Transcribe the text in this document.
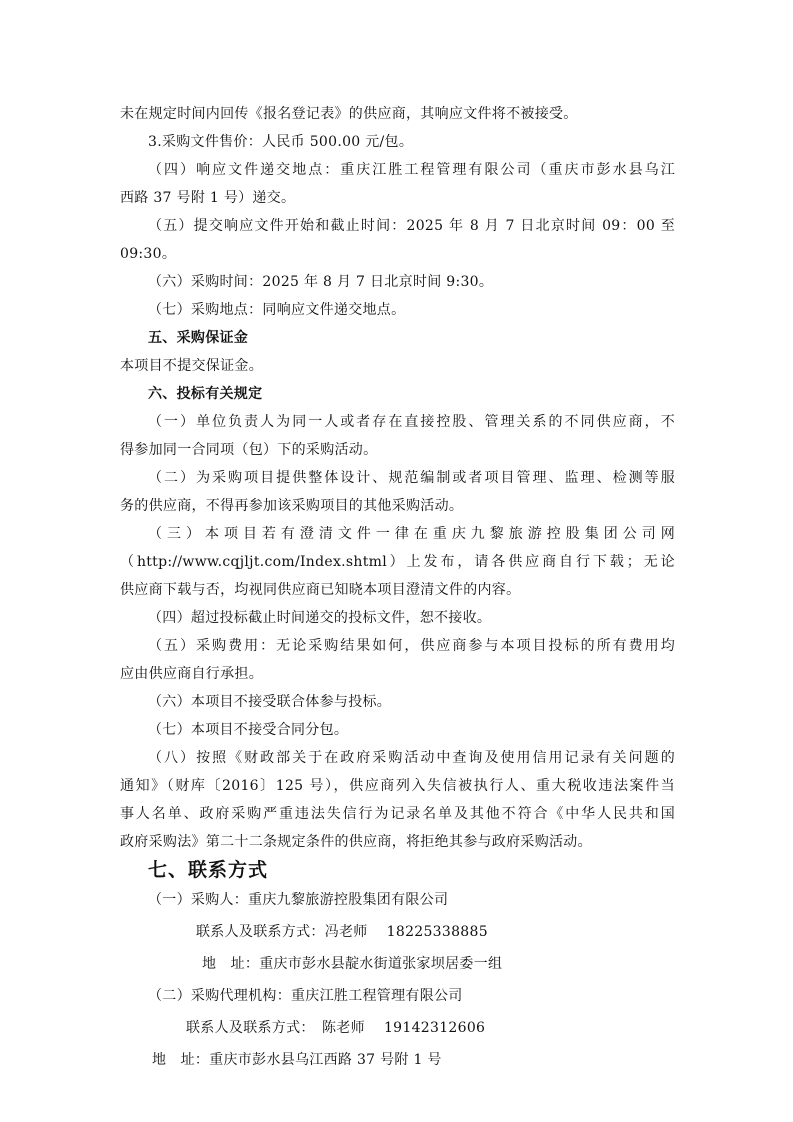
未在规定时间内回传《报名登记表》的供应商，其响应文件将不被接受。
3.采购文件售价：人民币 500.00 元/包。
（四）响应文件递交地点：重庆江胜工程管理有限公司（重庆市彭水县乌江
西路 37 号附 1 号）递交。
（五）提交响应文件开始和截止时间：2025 年 8 月 7 日北京时间 09：00 至
09:30。
（六）采购时间：2025 年 8 月 7 日北京时间 9:30。
（七）采购地点：同响应文件递交地点。
五、采购保证金
本项目不提交保证金。
六、投标有关规定
（一）单位负责人为同一人或者存在直接控股、管理关系的不同供应商，不
得参加同一合同项（包）下的采购活动。
（二）为采购项目提供整体设计、规范编制或者项目管理、监理、检测等服
务的供应商，不得再参加该采购项目的其他采购活动。
（三）本项目若有澄清文件一律在重庆九黎旅游控股集团公司网
（http://www.cqjljt.com/Index.shtml）上发布，请各供应商自行下载；无论
供应商下载与否，均视同供应商已知晓本项目澄清文件的内容。
（四）超过投标截止时间递交的投标文件，恕不接收。
（五）采购费用：无论采购结果如何，供应商参与本项目投标的所有费用均
应由供应商自行承担。
（六）本项目不接受联合体参与投标。
（七）本项目不接受合同分包。
（八）按照《财政部关于在政府采购活动中查询及使用信用记录有关问题的
通知》（财库〔2016〕125 号），供应商列入失信被执行人、重大税收违法案件当
事人名单、政府采购严重违法失信行为记录名单及其他不符合《中华人民共和国
政府采购法》第二十二条规定条件的供应商，将拒绝其参与政府采购活动。
七、联系方式
（一）采购人：重庆九黎旅游控股集团有限公司
联系人及联系方式：冯老师　 18225338885
地　址：重庆市彭水县靛水街道张家坝居委一组
（二）采购代理机构：重庆江胜工程管理有限公司
联系人及联系方式：　陈老师　 19142312606
地　址：重庆市彭水县乌江西路 37 号附 1 号
